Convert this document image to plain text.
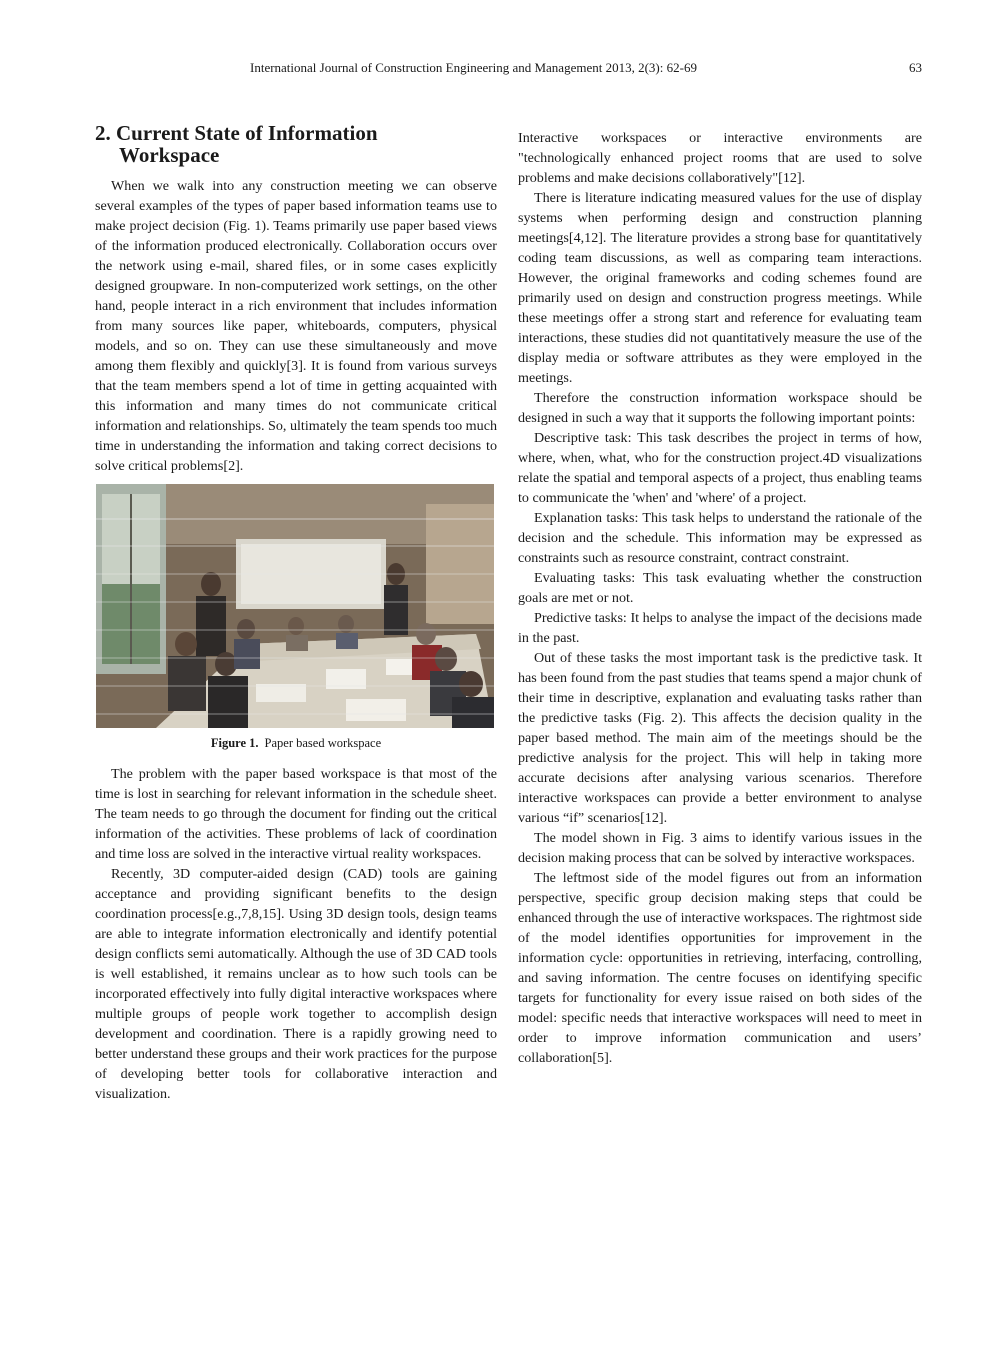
International Journal of Construction Engineering and Management 2013, 2(3): 62-69	63
2. Current State of Information
Workspace

When we walk into any construction meeting we can observe several examples of the types of paper based information teams use to make project decision (Fig. 1). Teams primarily use paper based views of the information produced electronically. Collaboration occurs over the network using e-mail, shared files, or in some cases explicitly designed groupware. In non-computerized work settings, on the other hand, people interact in a rich environment that includes information from many sources like paper, whiteboards, computers, physical models, and so on. They can use these simultaneously and move among them flexibly and quickly[3]. It is found from various surveys that the team members spend a lot of time in getting acquainted with this information and many times do not communicate critical information and relationships. So, ultimately the team spends too much time in understanding the information and taking correct decisions to solve critical problems[2].

Figure 1. Paper based workspace

The problem with the paper based workspace is that most of the time is lost in searching for relevant information in the schedule sheet. The team needs to go through the document for finding out the critical information of the activities. These problems of lack of coordination and time loss are solved in the interactive virtual reality workspaces.

Recently, 3D computer-aided design (CAD) tools are gaining acceptance and providing significant benefits to the design coordination process[e.g.,7,8,15]. Using 3D design tools, design teams are able to integrate information electronically and identify potential design conflicts semi automatically. Although the use of 3D CAD tools is well established, it remains unclear as to how such tools can be incorporated effectively into fully digital interactive workspaces where multiple groups of people work together to accomplish design development and coordination. There is a rapidly growing need to better understand these groups and their work practices for the purpose of developing better tools for collaborative interaction and visualization.

Interactive workspaces or interactive environments are "technologically enhanced project rooms that are used to solve problems and make decisions collaboratively"[12].

There is literature indicating measured values for the use of display systems when performing design and construction planning meetings[4,12]. The literature provides a strong base for quantitatively coding team discussions, as well as comparing team interactions. However, the original frameworks and coding schemes found are primarily used on design and construction progress meetings. While these meetings offer a strong start and reference for evaluating team interactions, these studies did not quantitatively measure the use of the display media or software attributes as they were employed in the meetings.

Therefore the construction information workspace should be designed in such a way that it supports the following important points:

Descriptive task: This task describes the project in terms of how, where, when, what, who for the construction project.4D visualizations relate the spatial and temporal aspects of a project, thus enabling teams to communicate the 'when' and 'where' of a project.

Explanation tasks: This task helps to understand the rationale of the decision and the schedule. This information may be expressed as constraints such as resource constraint, contract constraint.

Evaluating tasks: This task evaluating whether the construction goals are met or not.

Predictive tasks: It helps to analyse the impact of the decisions made in the past.

Out of these tasks the most important task is the predictive task. It has been found from the past studies that teams spend a major chunk of their time in descriptive, explanation and evaluating tasks rather than the predictive tasks (Fig. 2). This affects the decision quality in the paper based method. The main aim of the meetings should be the predictive analysis for the project. This will help in taking more accurate decisions after analysing various scenarios. Therefore interactive workspaces can provide a better environment to analyse various “if” scenarios[12].

The model shown in Fig. 3 aims to identify various issues in the decision making process that can be solved by interactive workspaces.

The leftmost side of the model figures out from an information perspective, specific group decision making steps that could be enhanced through the use of interactive workspaces. The rightmost side of the model identifies opportunities for improvement in the information cycle: opportunities in retrieving, interfacing, controlling, and saving information. The centre focuses on identifying specific targets for functionality for every issue raised on both sides of the model: specific needs that interactive workspaces will need to meet in order to improve information communication and users’ collaboration[5].
